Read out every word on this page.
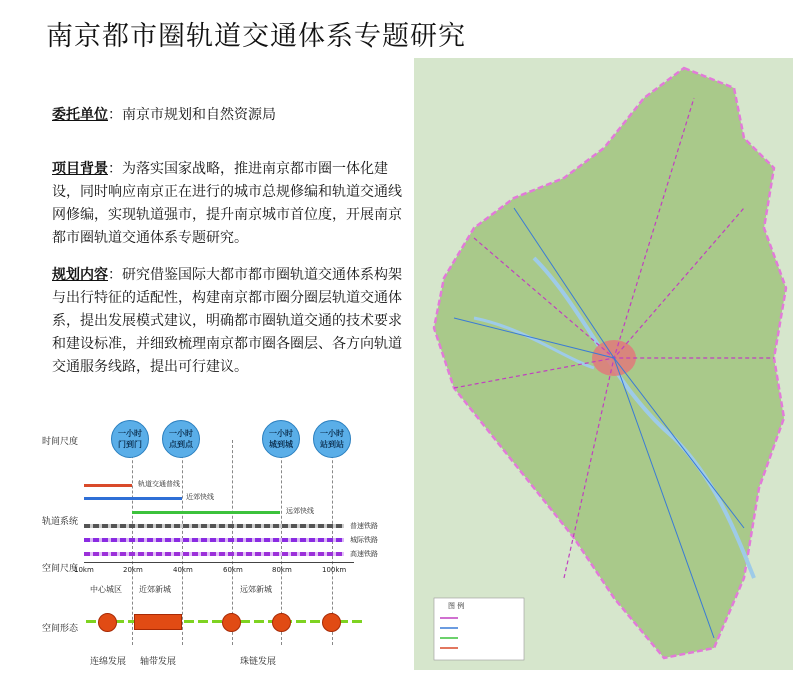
南京都市圈轨道交通体系专题研究
委托单位：南京市规划和自然资源局
项目背景：为落实国家战略，推进南京都市圈一体化建设，同时响应南京正在进行的城市总规修编和轨道交通线网修编，实现轨道强市，提升南京城市首位度，开展南京都市圈轨道交通体系专题研究。
规划内容：研究借鉴国际大都市都市圈轨道交通体系构架与出行特征的适配性，构建南京都市圈分圈层轨道交通体系，提出发展模式建议，明确都市圈轨道交通的技术要求和建设标准，并细致梳理南京都市圈各圈层、各方向轨道交通服务线路，提出可行建议。
时间尺度
轨道系统
空间尺度
空间形态
一小时
门到门
一小时
点到点
一小时
城到城
一小时
站到站
轨道交通普线
近郊快线
远郊快线
普速铁路
城际铁路
高速铁路
10km	20km	40km	60km	80km	100km
中心城区 近郊新城	远郊新城
连绵发展 轴带发展	珠链发展
图 例
